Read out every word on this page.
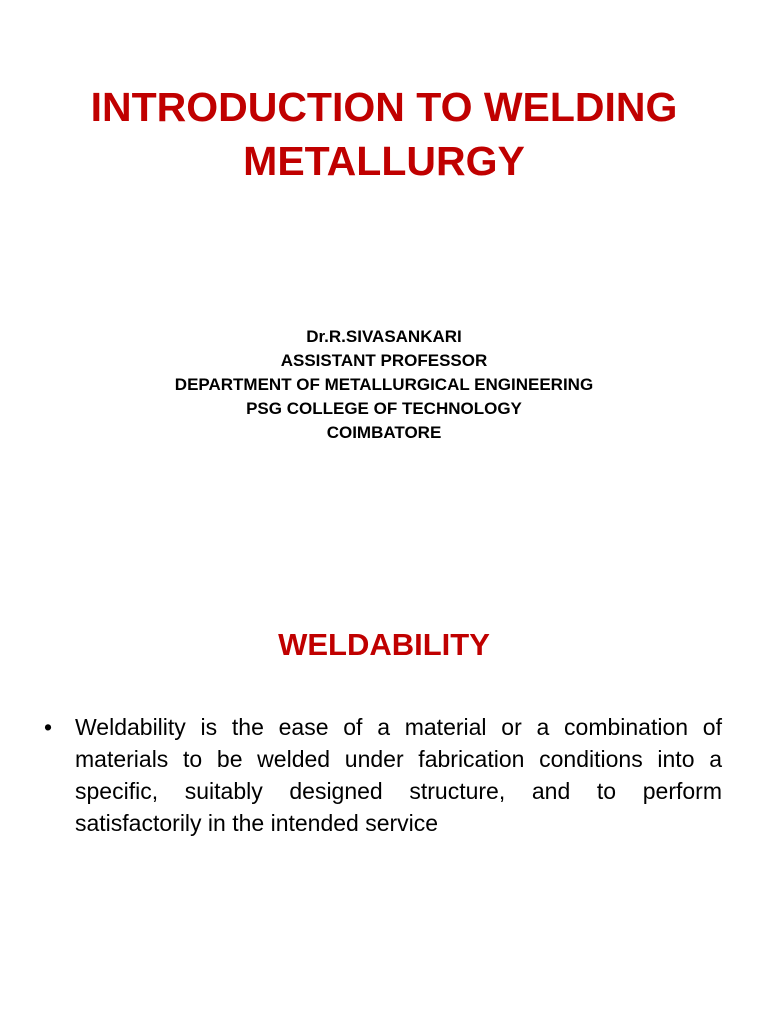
INTRODUCTION TO WELDING
METALLURGY
Dr.R.SIVASANKARI
ASSISTANT PROFESSOR
DEPARTMENT OF METALLURGICAL ENGINEERING
PSG COLLEGE OF TECHNOLOGY
COIMBATORE
WELDABILITY
• Weldability is the ease of a material or a combination of materials to be welded under fabrication conditions into a specific, suitably designed structure, and to perform satisfactorily in the intended service
